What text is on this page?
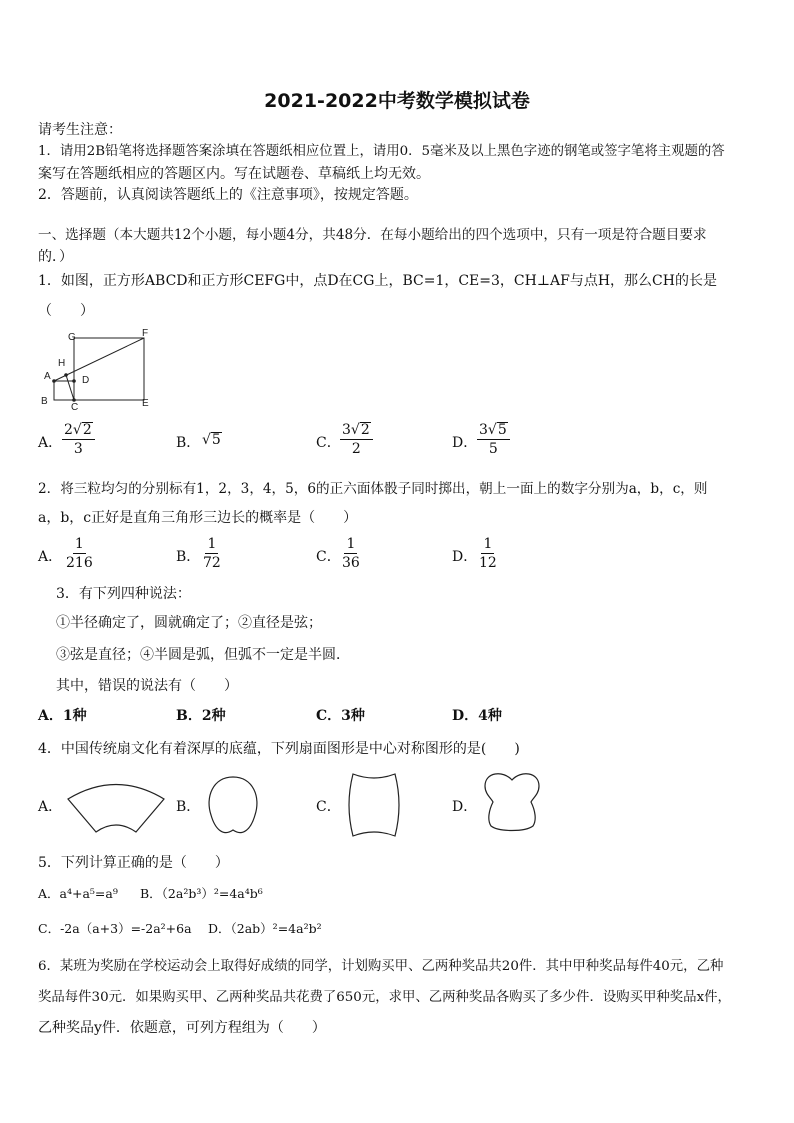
2021-2022中考数学模拟试卷
请考生注意：
1．请用2B铅笔将选择题答案涂填在答题纸相应位置上，请用0．5毫米及以上黑色字迹的钢笔或签字笔将主观题的答
案写在答题纸相应的答题区内。写在试题卷、草稿纸上均无效。
2．答题前，认真阅读答题纸上的《注意事项》，按规定答题。
一、选择题（本大题共12个小题，每小题4分，共48分．在每小题给出的四个选项中，只有一项是符合题目要求
的．）
1．如图，正方形ABCD和正方形CEFG中，点D在CG上，BC=1，CE=3，CH⊥AF与点H，那么CH的长是
（　　）
G	F
H
A	D
B
C	E
A． $\frac{2√2}{3}$	B． √5	C． $\frac{3√2}{2}$	D． $\frac{3√5}{5}$
2．将三粒均匀的分别标有1，2，3，4，5，6的正六面体骰子同时掷出，朝上一面上的数字分别为a，b，c，则
a，b，c正好是直角三角形三边长的概率是（　　）
A． $\frac{1}{216}$	B． $\frac{1}{72}$	C． $\frac{1}{36}$	D． $\frac{1}{12}$
3．有下列四种说法：
①半径确定了，圆就确定了；②直径是弦；
③弦是直径；④半圆是弧，但弧不一定是半圆．
其中，错误的说法有（　　）
A．1种	B．2种	C．3种	D．4种
4．中国传统扇文化有着深厚的底蕴，下列扇面图形是中心对称图形的是(　　)
A．	B．	C．	D．
5．下列计算正确的是（　　）
A．a⁴+a⁵=a⁹ B．（2a²b³）²=4a⁴b⁶
C．-2a（a+3）=-2a²+6a D．（2ab）²=4a²b²
6．某班为奖励在学校运动会上取得好成绩的同学，计划购买甲、乙两种奖品共20件．其中甲种奖品每件40元，乙种
奖品每件30元．如果购买甲、乙两种奖品共花费了650元，求甲、乙两种奖品各购买了多少件．设购买甲种奖品x件，
乙种奖品y件．依题意，可列方程组为（　　）
